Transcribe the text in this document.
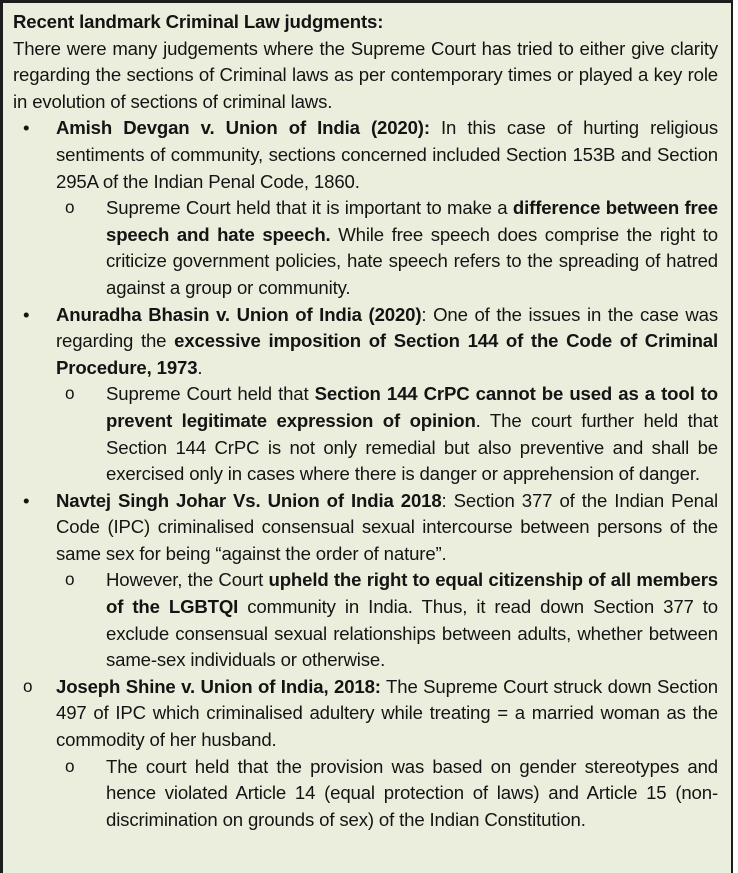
Recent landmark Criminal Law judgments:
There were many judgements where the Supreme Court has tried to either give clarity regarding the sections of Criminal laws as per contemporary times or played a key role in evolution of sections of criminal laws.
• Amish Devgan v. Union of India (2020): In this case of hurting religious sentiments of community, sections concerned included Section 153B and Section 295A of the Indian Penal Code, 1860.
o Supreme Court held that it is important to make a difference between free speech and hate speech. While free speech does comprise the right to criticize government policies, hate speech refers to the spreading of hatred against a group or community.
• Anuradha Bhasin v. Union of India (2020): One of the issues in the case was regarding the excessive imposition of Section 144 of the Code of Criminal Procedure, 1973.
o Supreme Court held that Section 144 CrPC cannot be used as a tool to prevent legitimate expression of opinion. The court further held that Section 144 CrPC is not only remedial but also preventive and shall be exercised only in cases where there is danger or apprehension of danger.
• Navtej Singh Johar Vs. Union of India 2018: Section 377 of the Indian Penal Code (IPC) criminalised consensual sexual intercourse between persons of the same sex for being “against the order of nature”.
o However, the Court upheld the right to equal citizenship of all members of the LGBTQI community in India. Thus, it read down Section 377 to exclude consensual sexual relationships between adults, whether between same-sex individuals or otherwise.
o Joseph Shine v. Union of India, 2018: The Supreme Court struck down Section 497 of IPC which criminalised adultery while treating = a married woman as the commodity of her husband.
o The court held that the provision was based on gender stereotypes and hence violated Article 14 (equal protection of laws) and Article 15 (non-discrimination on grounds of sex) of the Indian Constitution.
